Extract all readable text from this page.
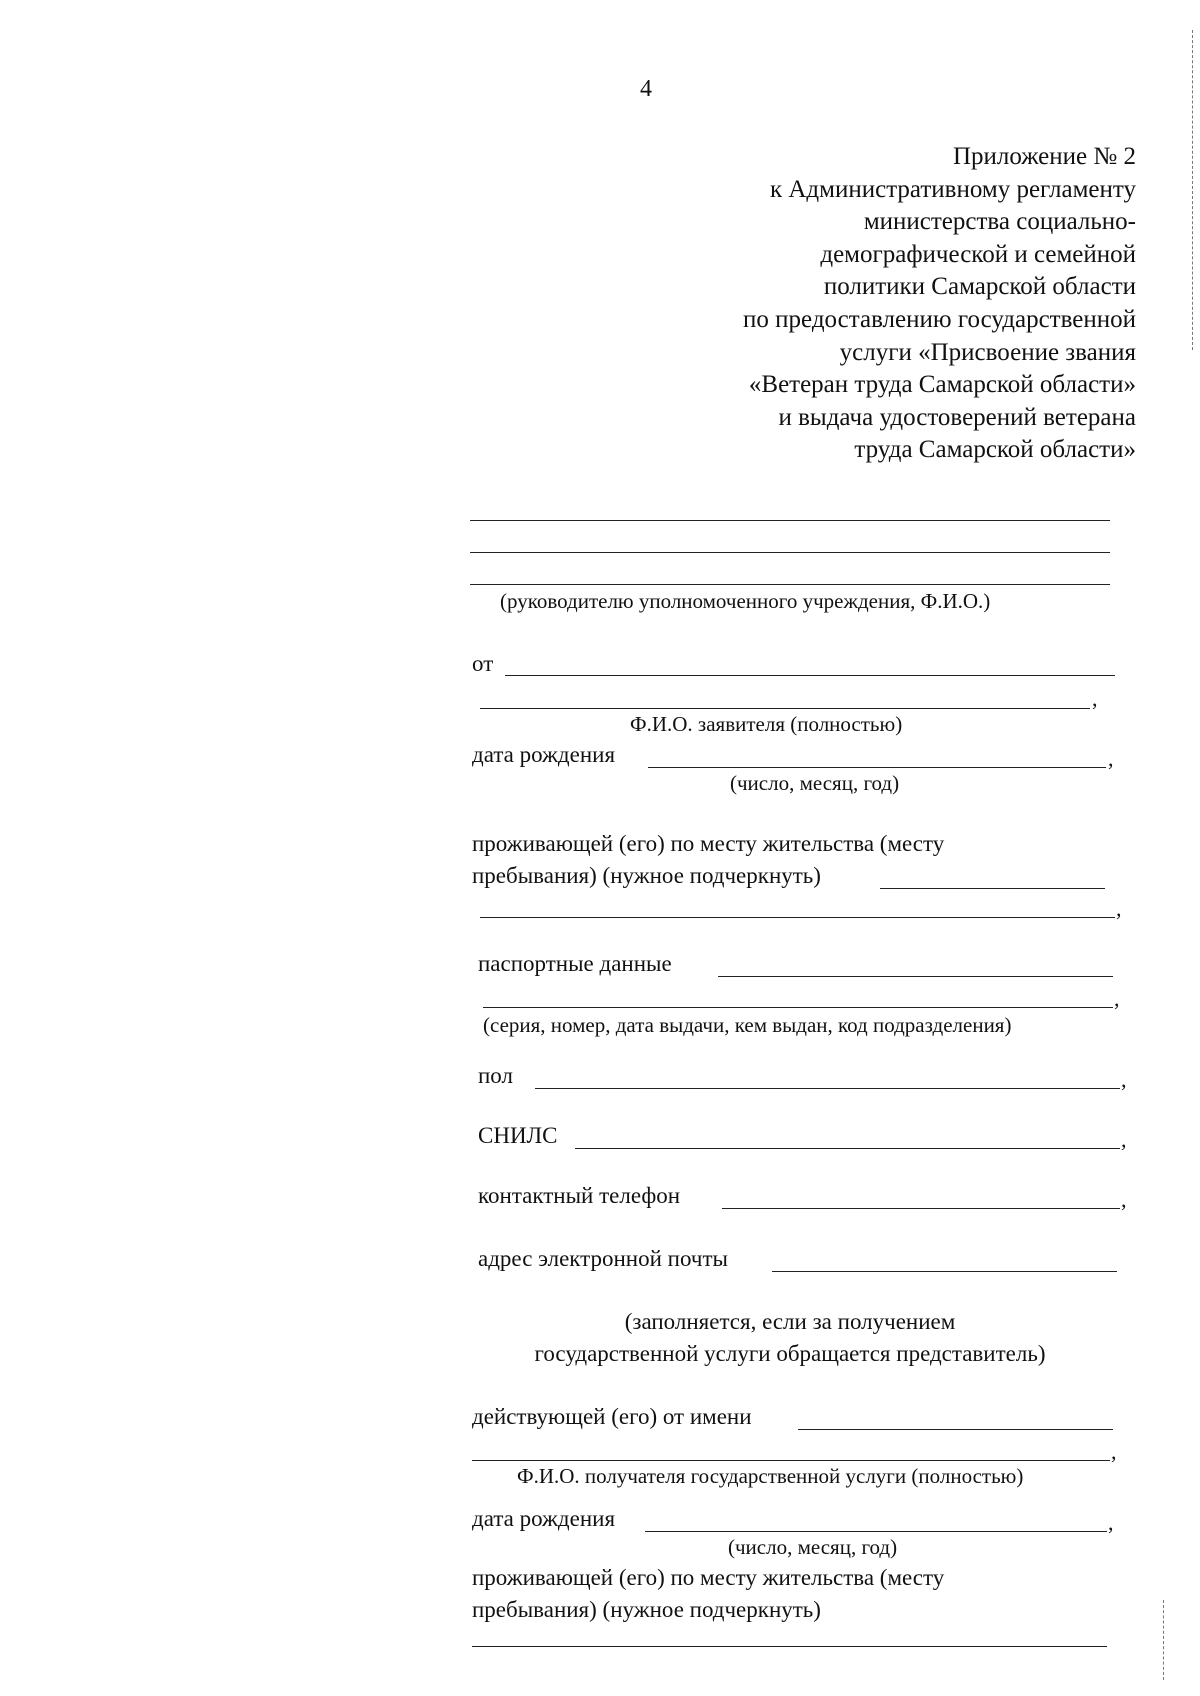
4
Приложение № 2
к Административному регламенту
министерства социально-
демографической и семейной
политики Самарской области
по предоставлению государственной
услуги «Присвоение звания
«Ветеран труда Самарской области»
и выдача удостоверений ветерана
труда Самарской области»
(руководителю уполномоченного учреждения, Ф.И.О.)
от
,
Ф.И.О. заявителя (полностью)
дата рождения	,
(число, месяц, год)
проживающей (его) по месту жительства (месту
пребывания) (нужное подчеркнуть)
,
паспортные данные
,
(серия, номер, дата выдачи, кем выдан, код подразделения)
пол	,
СНИЛС	,
контактный телефон	,
адрес электронной почты
(заполняется, если за получением
государственной услуги обращается представитель)
действующей (его) от имени
,
Ф.И.О. получателя государственной услуги (полностью)
дата рождения	,
(число, месяц, год)
проживающей (его) по месту жительства (месту
пребывания) (нужное подчеркнуть)
